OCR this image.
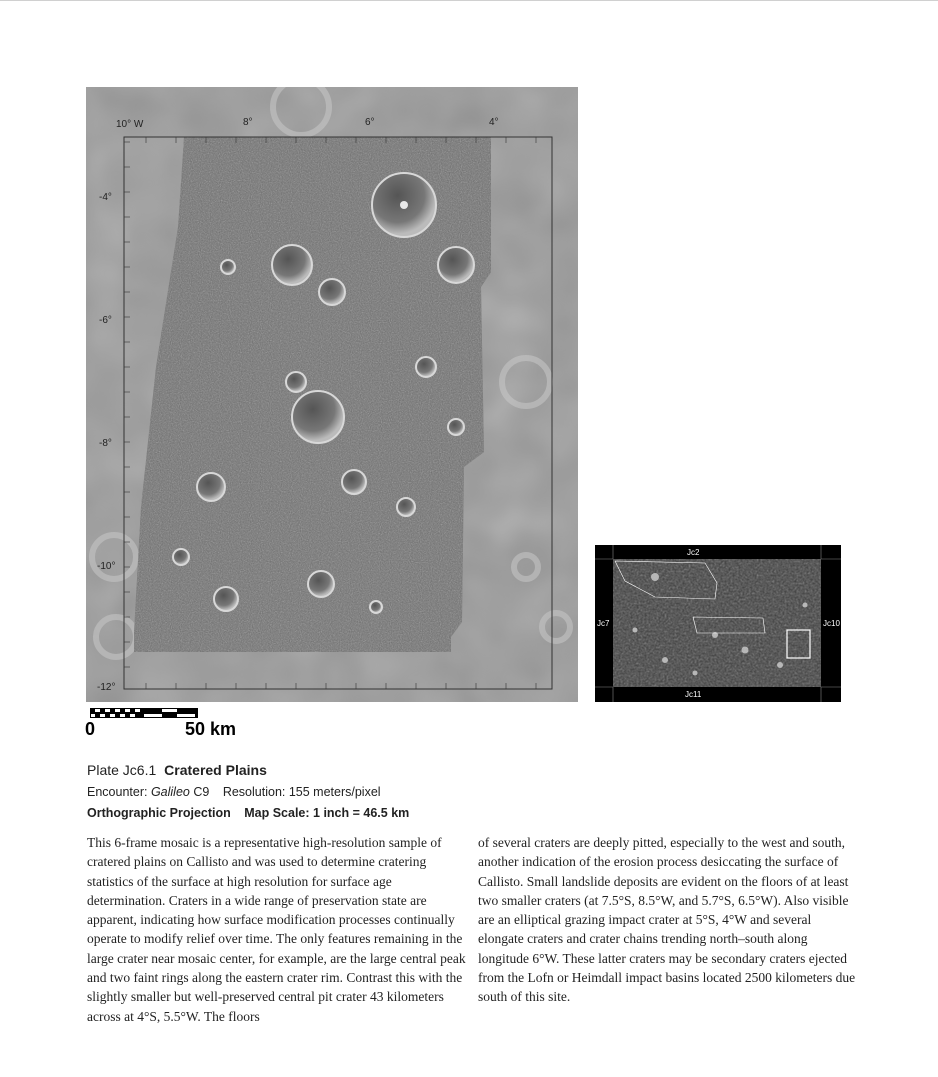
10° W	8°	6°	4°
-4°
-6°
-8°
-10°
-12°
0	50 km
Jc2
Jc7	Jc10
Jc11
Plate Jc6.1 Cratered Plains
Encounter: Galileo C9 Resolution: 155 meters/pixel
Orthographic Projection Map Scale: 1 inch = 46.5 km
This 6-frame mosaic is a representative high-resolution sample of cratered plains on Callisto and was used to determine cratering statistics of the surface at high resolution for surface age determination. Craters in a wide range of preservation state are apparent, indicating how surface modification processes continually operate to modify relief over time. The only features remaining in the large crater near mosaic center, for example, are the large central peak and two faint rings along the eastern crater rim. Contrast this with the slightly smaller but well-preserved central pit crater 43 kilometers across at 4°S, 5.5°W. The floors
of several craters are deeply pitted, especially to the west and south, another indication of the erosion process desiccating the surface of Callisto. Small landslide deposits are evident on the floors of at least two smaller craters (at 7.5°S, 8.5°W, and 5.7°S, 6.5°W). Also visible are an elliptical grazing impact crater at 5°S, 4°W and several elongate craters and crater chains trending north–south along longitude 6°W. These latter craters may be secondary craters ejected from the Lofn or Heimdall impact basins located 2500 kilometers due south of this site.
